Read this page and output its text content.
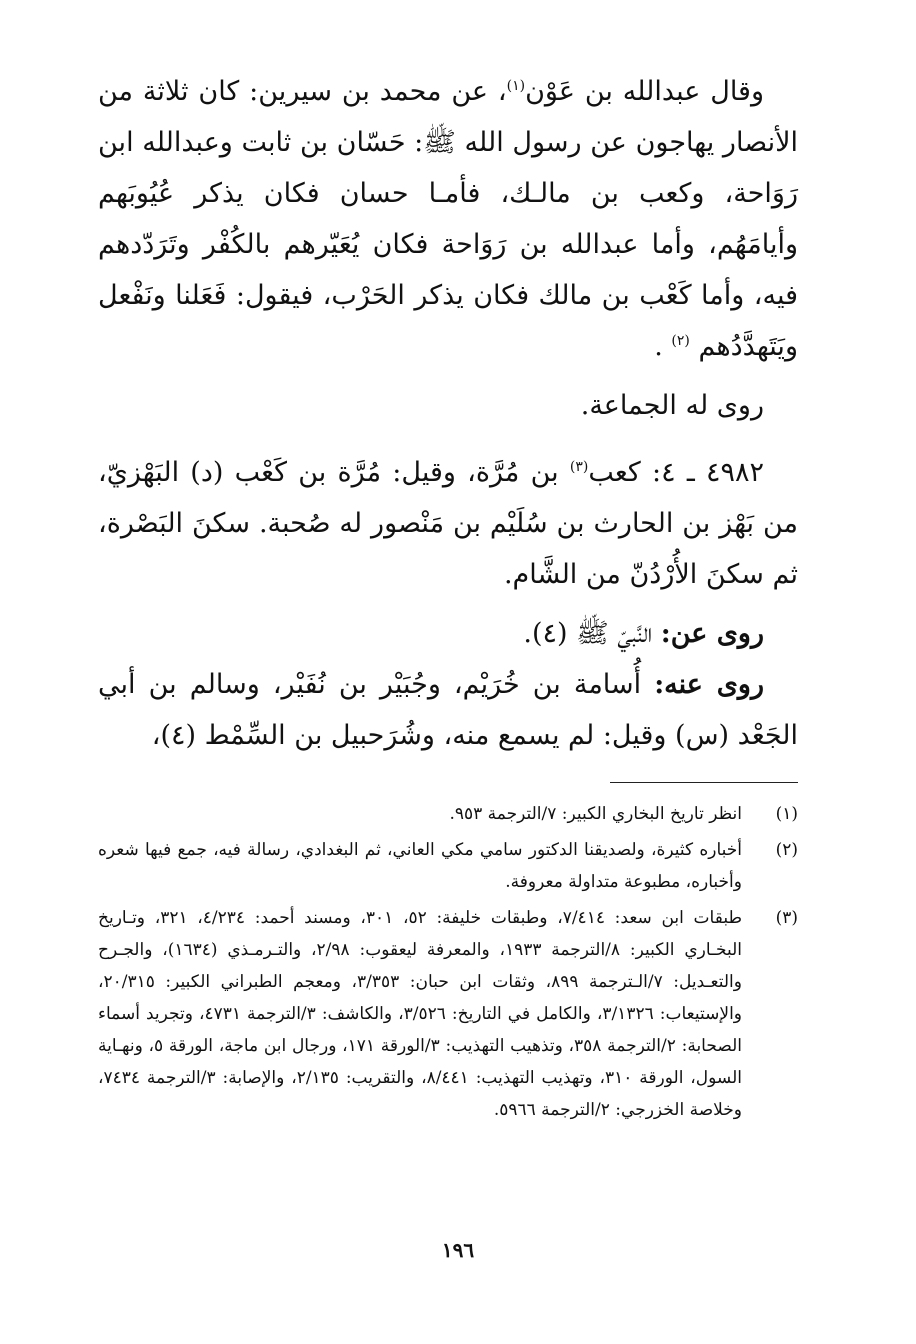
وقال عبدالله بن عَوْن$^{(١)}$، عن محمد بن سيرين: كان ثلاثة من الأنصار يهاجون عن رسول الله ﷺ: حَسّان بن ثابت وعبدالله ابن رَوَاحة، وكعب بن مالـك، فأمـا حسان فكان يذكر عُيُوبَهم وأيامَهُم، وأما عبدالله بن رَوَاحة فكان يُعَيّرهم بالكُفْر وتَرَدّدهم فيه، وأما كَعْب بن مالك فكان يذكر الحَرْب، فيقول: فَعَلنا ونَفْعل ويَتَهدَّدُهم $^{(٢)}$ .

روى له الجماعة.

٤٩٨٢ ـ ٤: كعب$^{(٣)}$ بن مُرَّة، وقيل: مُرَّة بن كَعْب (د) البَهْزيّ، من بَهْز بن الحارث بن سُلَيْم بن مَنْصور له صُحبة. سكنَ البَصْرة، ثم سكنَ الأُرْدُنّ من الشَّام.

روى عن: النَّبيّ ﷺ (٤).

روى عنه: أُسامة بن خُرَيْم، وجُبَيْر بن نُفَيْر، وسالم بن أبي الجَعْد (س) وقيل: لم يسمع منه، وشُرَحبيل بن السِّمْط (٤)،

(١)
انظر تاريخ البخاري الكبير: ٧/الترجمة ٩٥٣.
(٢)
أخباره كثيرة، ولصديقنا الدكتور سامي مكي العاني، ثم البغدادي، رسالة فيه، جمع فيها شعره وأخباره، مطبوعة متداولة معروفة.
(٣)
طبقات ابن سعد: ٧/٤١٤، وطبقات خليفة: ٥٢، ٣٠١، ومسند أحمد: ٤/٢٣٤، ٣٢١، وتـاريخ البخـاري الكبير: ٨/الترجمة ١٩٣٣، والمعرفة ليعقوب: ٢/٩٨، والتـرمـذي (١٦٣٤)، والجـرح والتعـديل: ٧/الـترجمة ٨٩٩، وثقات ابن حبان: ٣/٣٥٣، ومعجم الطبراني الكبير: ٢٠/٣١٥، والإستيعاب: ٣/١٣٢٦، والكامل في التاريخ: ٣/٥٢٦، والكاشف: ٣/الترجمة ٤٧٣١، وتجريد أسماء الصحابة: ٢/الترجمة ٣٥٨، وتذهيب التهذيب: ٣/الورقة ١٧١، ورجال ابن ماجة، الورقة ٥، ونهـاية السول، الورقة ٣١٠، وتهذيب التهذيب: ٨/٤٤١، والتقريب: ٢/١٣٥، والإصابة: ٣/الترجمة ٧٤٣٤، وخلاصة الخزرجي: ٢/الترجمة ٥٩٦٦.
١٩٦
